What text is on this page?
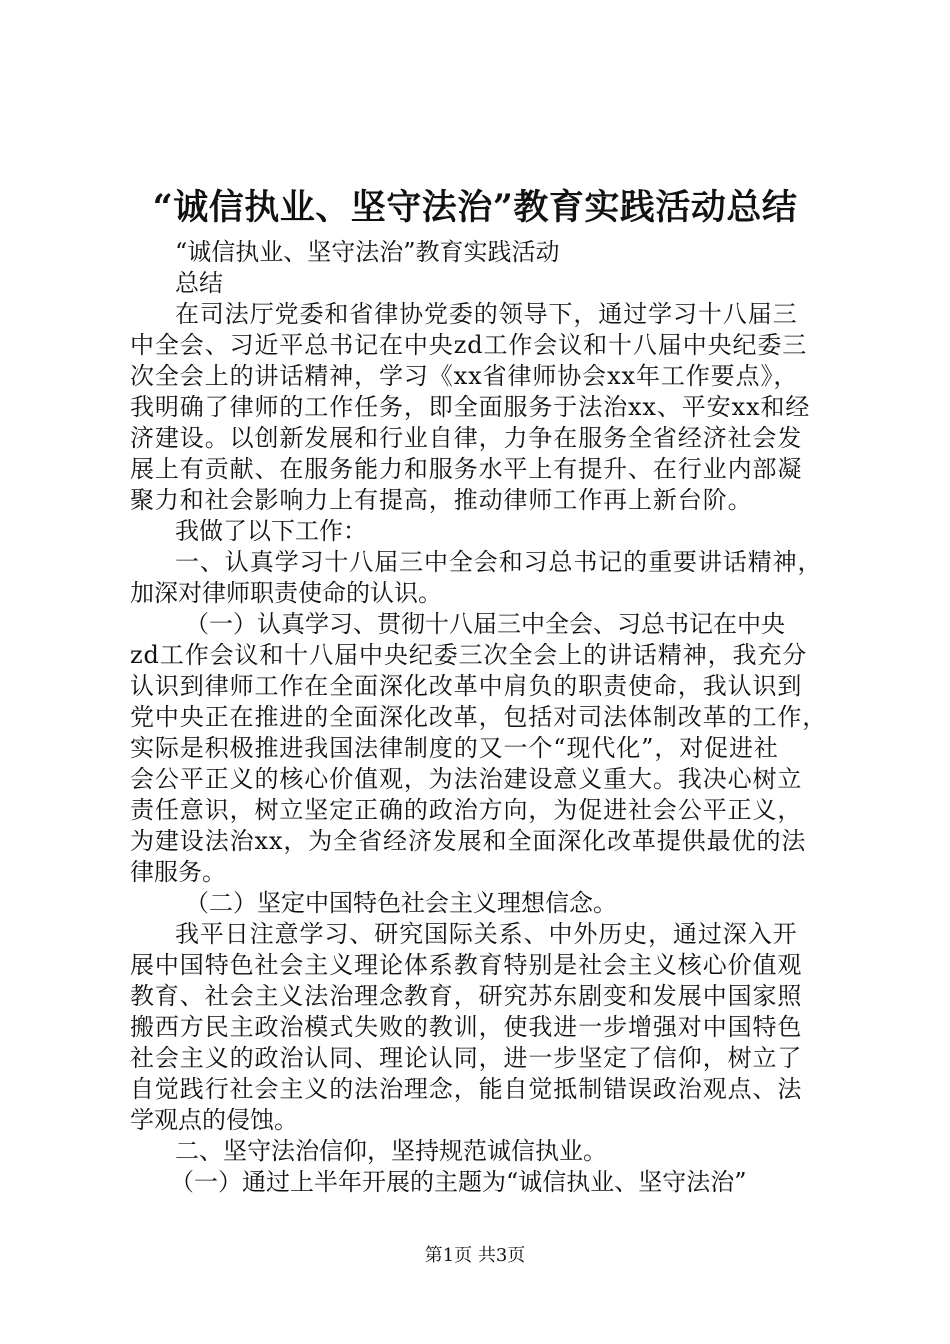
“诚信执业、坚守法治”教育实践活动总结
“诚信执业、坚守法治”教育实践活动
总结
在司法厅党委和省律协党委的领导下，通过学习十八届三
中全会、习近平总书记在中央zd工作会议和十八届中央纪委三
次全会上的讲话精神，学习《xx省律师协会xx年工作要点》，
我明确了律师的工作任务，即全面服务于法治xx、平安xx和经
济建设。以创新发展和行业自律，力争在服务全省经济社会发
展上有贡献、在服务能力和服务水平上有提升、在行业内部凝
聚力和社会影响力上有提高，推动律师工作再上新台阶。
我做了以下工作：
一、认真学习十八届三中全会和习总书记的重要讲话精神，
加深对律师职责使命的认识。
（一）认真学习、贯彻十八届三中全会、习总书记在中央
zd工作会议和十八届中央纪委三次全会上的讲话精神，我充分
认识到律师工作在全面深化改革中肩负的职责使命，我认识到
党中央正在推进的全面深化改革，包括对司法体制改革的工作，
实际是积极推进我国法律制度的又一个“现代化”，对促进社
会公平正义的核心价值观，为法治建设意义重大。我决心树立
责任意识，树立坚定正确的政治方向，为促进社会公平正义，
为建设法治xx，为全省经济发展和全面深化改革提供最优的法
律服务。
（二）坚定中国特色社会主义理想信念。
我平日注意学习、研究国际关系、中外历史，通过深入开
展中国特色社会主义理论体系教育特别是社会主义核心价值观
教育、社会主义法治理念教育，研究苏东剧变和发展中国家照
搬西方民主政治模式失败的教训，使我进一步增强对中国特色
社会主义的政治认同、理论认同，进一步坚定了信仰，树立了
自觉践行社会主义的法治理念，能自觉抵制错误政治观点、法
学观点的侵蚀。
二、坚守法治信仰，坚持规范诚信执业。
（一）通过上半年开展的主题为“诚信执业、坚守法治”
第1页 共3页
